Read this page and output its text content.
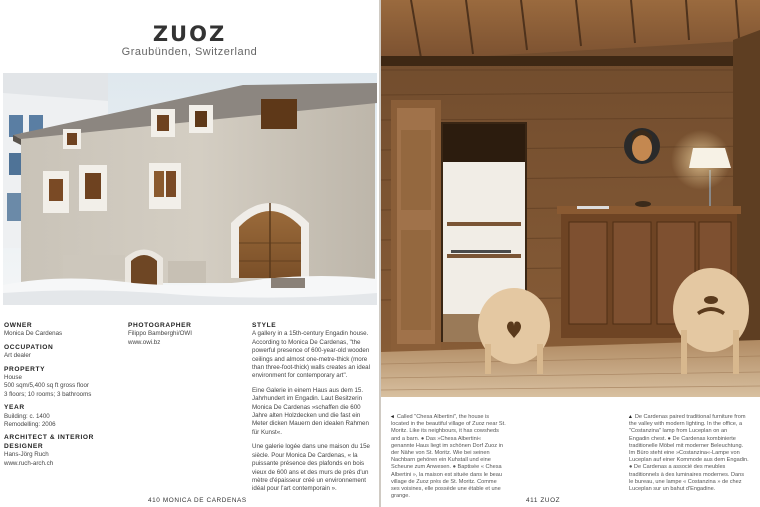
ZUOZ
Graubünden, Switzerland
OWNER
Monica De Cardenas
OCCUPATION
Art dealer
PROPERTY
House
500 sqm/5,400 sq ft gross floor
3 floors; 10 rooms; 3 bathrooms
YEAR
Building: c. 1400
Remodelling: 2006
ARCHITECT & INTERIOR DESIGNER
Hans-Jörg Ruch
www.ruch-arch.ch
PHOTOGRAPHER
Filippo Bamberghi/OWI
www.owi.bz
STYLE
A gallery in a 15th-century Engadin house. According to Monica De Cardenas, "the powerful presence of 600-year-old wooden ceilings and almost one-metre-thick (more than three-foot-thick) walls creates an ideal environment for contemporary art".
Eine Galerie in einem Haus aus dem 15. Jahrhundert im Engadin. Laut Besitzerin Monica De Cardenas »schaffen die 600 Jahre alten Holzdecken und die fast ein Meter dicken Mauern den idealen Rahmen für Kunst«.
Une galerie logée dans une maison du 15e siècle. Pour Monica De Cardenas, « la puissante présence des plafonds en bois vieux de 600 ans et des murs de près d'un mètre d'épaisseur créé un environnement idéal pour l'art contemporain ».
410 MONICA DE CARDENAS
◂ Called "Chesa Albertini", the house is located in the beautiful village of Zuoz near St. Moritz. Like its neighbours, it has cowsheds and a barn. ● Das »Chesa Albertini« genannte Haus liegt im schönen Dorf Zuoz in der Nähe von St. Moritz. Wie bei seinen Nachbarn gehören ein Kuhstall und eine Scheune zum Anwesen. ● Baptisée « Chesa Albertini », la maison est située dans le beau village de Zuoz près de St. Moritz. Comme ses voisines, elle possède une étable et une grange.
▴ De Cardenas paired traditional furniture from the valley with modern lighting. In the office, a "Costanzina" lamp from Luceplan on an Engadin chest. ● De Cardenas kombinierte traditionelle Möbel mit moderner Beleuchtung. Im Büro steht eine »Costanzina«-Lampe von Luceplan auf einer Kommode aus dem Engadin. ● De Cardenas a associé des meubles traditionnels à des luminaires modernes. Dans le bureau, une lampe « Costanzina » de chez Luceplan sur un bahut d'Engadine.
411 ZUOZ
